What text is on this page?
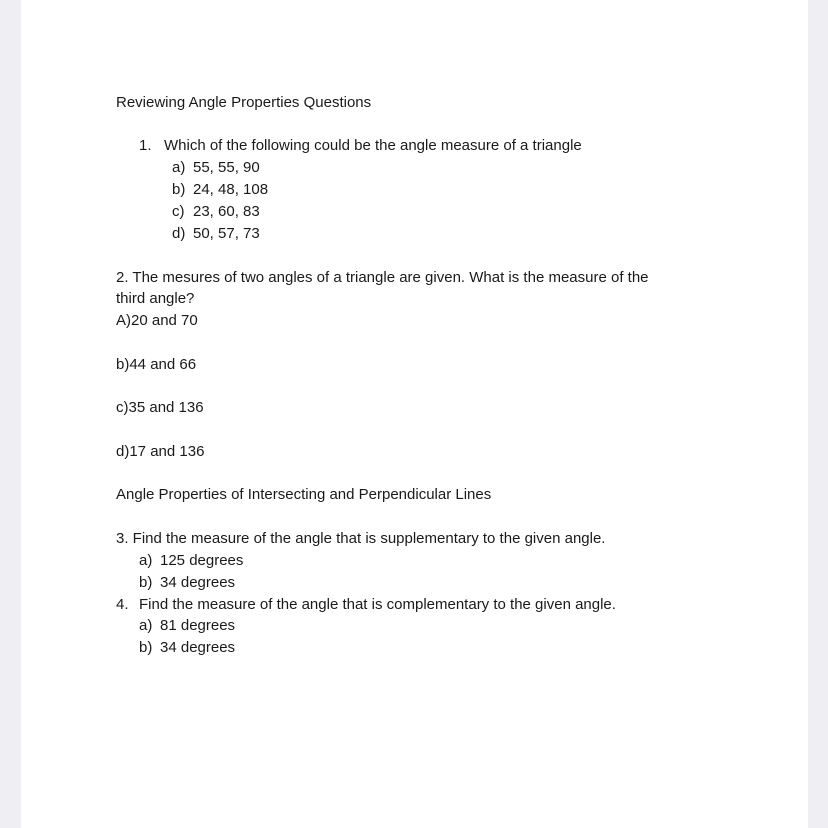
Reviewing Angle Properties Questions
1. Which of the following could be the angle measure of a triangle
a) 55, 55, 90
b) 24, 48, 108
c) 23, 60, 83
d) 50, 57, 73
2. The mesures of two angles of a triangle are given. What is the measure of the
third angle?
A)20 and 70
b)44 and 66
c)35 and 136
d)17 and 136
Angle Properties of Intersecting and Perpendicular Lines
3. Find the measure of the angle that is supplementary to the given angle.
a) 125 degrees
b) 34 degrees
4. Find the measure of the angle that is complementary to the given angle.
a) 81 degrees
b) 34 degrees
